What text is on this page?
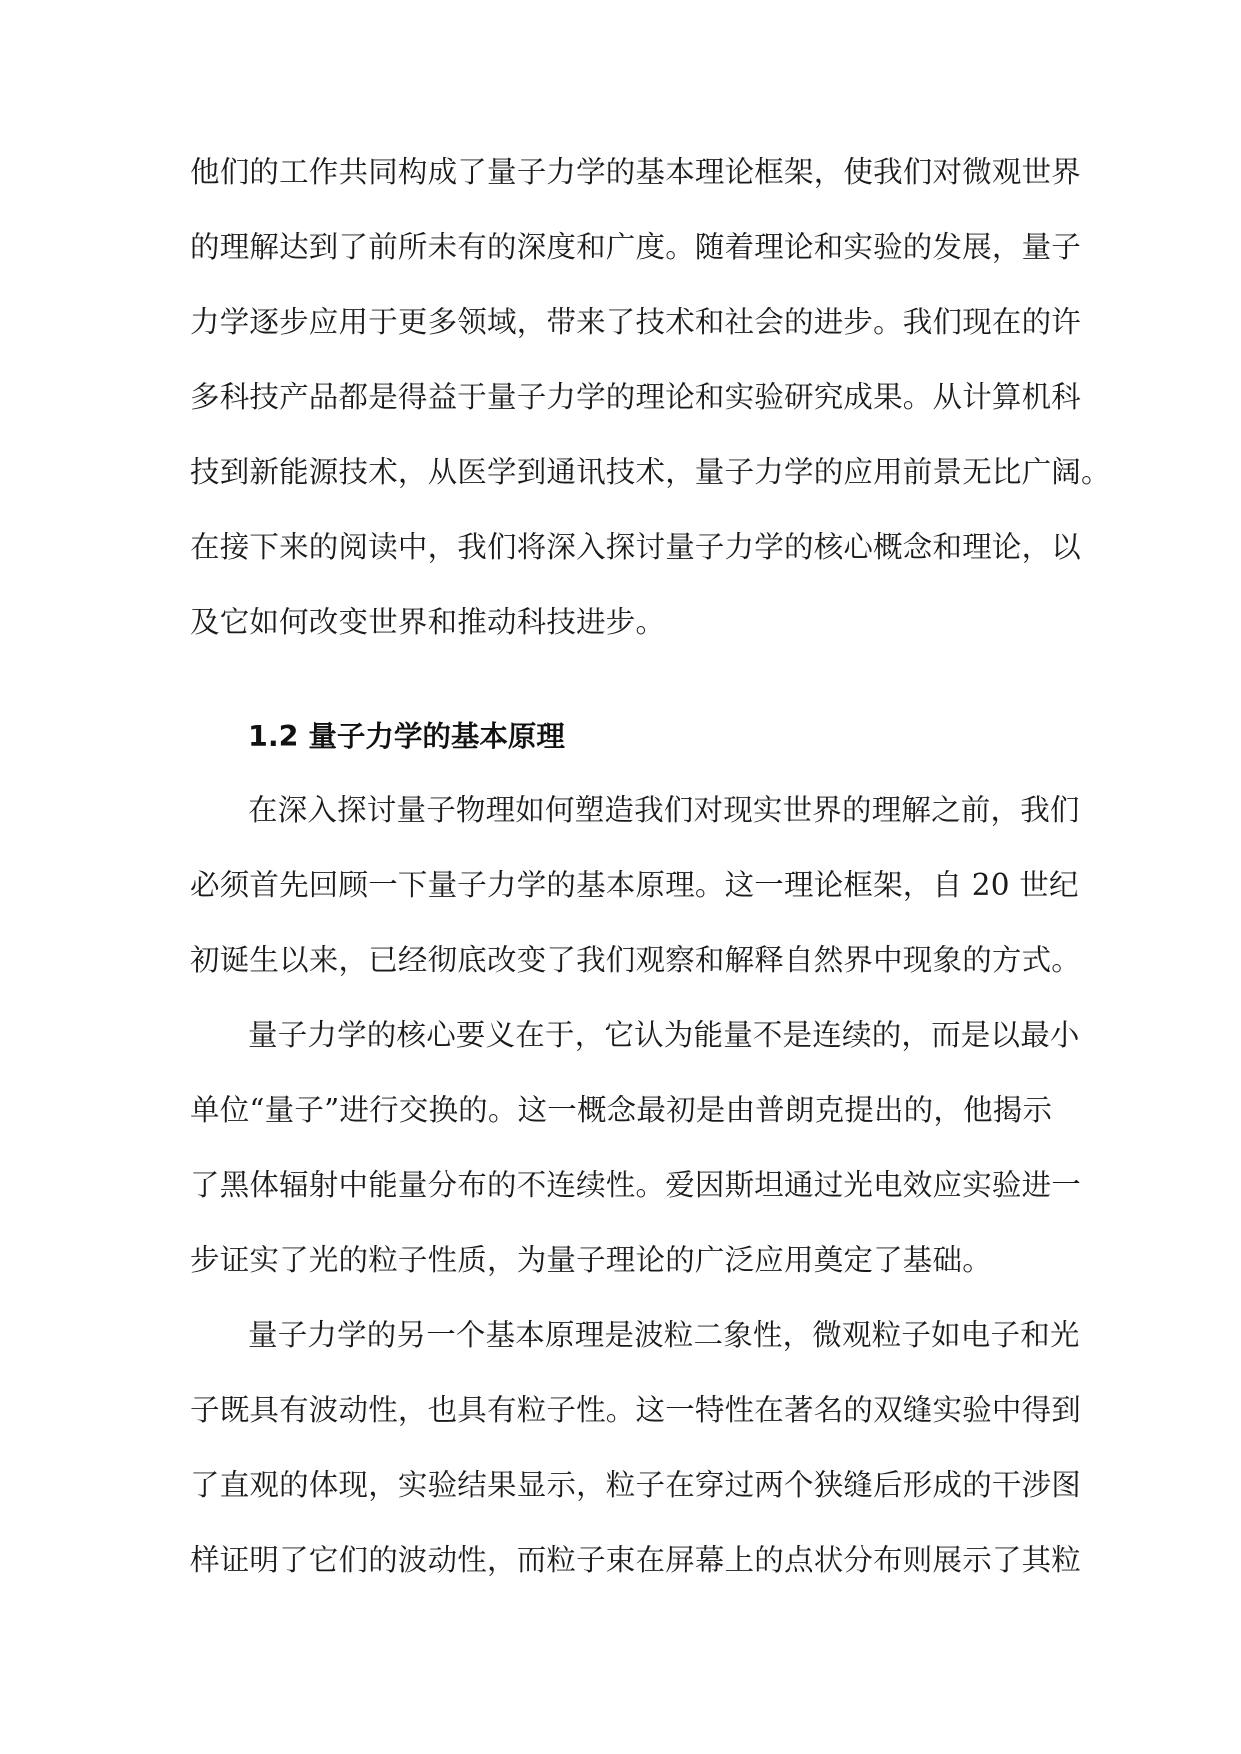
他们的工作共同构成了量子力学的基本理论框架，使我们对微观世界
的理解达到了前所未有的深度和广度。随着理论和实验的发展，量子
力学逐步应用于更多领域，带来了技术和社会的进步。我们现在的许
多科技产品都是得益于量子力学的理论和实验研究成果。从计算机科
技到新能源技术，从医学到通讯技术，量子力学的应用前景无比广阔。
在接下来的阅读中，我们将深入探讨量子力学的核心概念和理论，以
及它如何改变世界和推动科技进步。
1.2 量子力学的基本原理
在深入探讨量子物理如何塑造我们对现实世界的理解之前，我们
必须首先回顾一下量子力学的基本原理。这一理论框架，自 20 世纪
初诞生以来，已经彻底改变了我们观察和解释自然界中现象的方式。
量子力学的核心要义在于，它认为能量不是连续的，而是以最小
单位“量子”进行交换的。这一概念最初是由普朗克提出的，他揭示
了黑体辐射中能量分布的不连续性。爱因斯坦通过光电效应实验进一
步证实了光的粒子性质，为量子理论的广泛应用奠定了基础。
量子力学的另一个基本原理是波粒二象性，微观粒子如电子和光
子既具有波动性，也具有粒子性。这一特性在著名的双缝实验中得到
了直观的体现，实验结果显示，粒子在穿过两个狭缝后形成的干涉图
样证明了它们的波动性，而粒子束在屏幕上的点状分布则展示了其粒
